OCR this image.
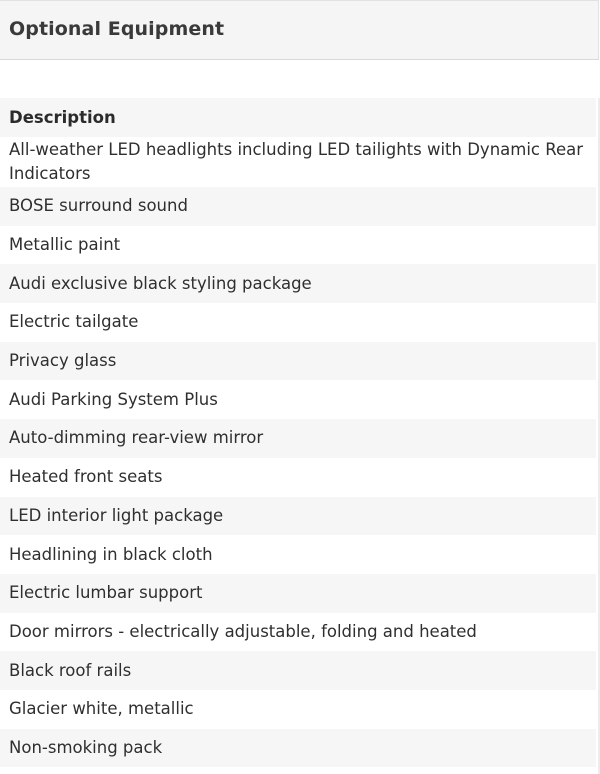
Optional Equipment
Description
All-weather LED headlights including LED tailights with Dynamic Rear Indicators
BOSE surround sound
Metallic paint
Audi exclusive black styling package
Electric tailgate
Privacy glass
Audi Parking System Plus
Auto-dimming rear-view mirror
Heated front seats
LED interior light package
Headlining in black cloth
Electric lumbar support
Door mirrors - electrically adjustable, folding and heated
Black roof rails
Glacier white, metallic
Non-smoking pack
